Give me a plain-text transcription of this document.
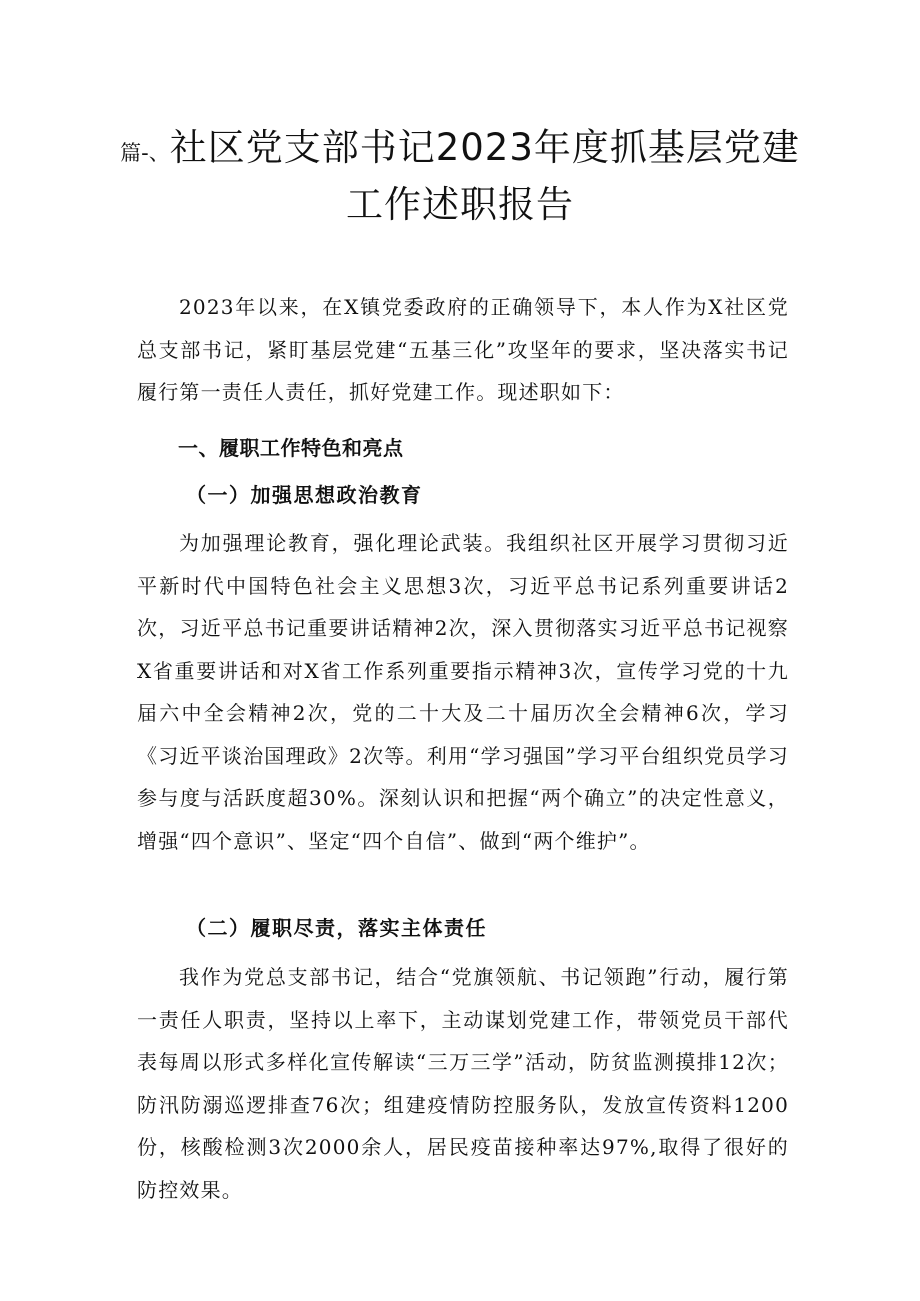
篇-、社区党支部书记2023年度抓基层党建
工作述职报告

2023年以来，在X镇党委政府的正确领导下，本人作为X社区党总支部书记，紧盯基层党建“五基三化”攻坚年的要求，坚决落实书记履行第一责任人责任，抓好党建工作。现述职如下：

一、履职工作特色和亮点
（一）加强思想政治教育

为加强理论教育，强化理论武装。我组织社区开展学习贯彻习近平新时代中国特色社会主义思想3次，习近平总书记系列重要讲话2次，习近平总书记重要讲话精神2次，深入贯彻落实习近平总书记视察X省重要讲话和对X省工作系列重要指示精神3次，宣传学习党的十九届六中全会精神2次，党的二十大及二十届历次全会精神6次，学习《习近平谈治国理政》2次等。利用“学习强国”学习平台组织党员学习参与度与活跃度超30%。深刻认识和把握“两个确立”的决定性意义，增强“四个意识”、坚定“四个自信”、做到“两个维护”。

（二）履职尽责，落实主体责任

我作为党总支部书记，结合“党旗领航、书记领跑”行动，履行第一责任人职责，坚持以上率下，主动谋划党建工作，带领党员干部代表每周以形式多样化宣传解读“三万三学”活动，防贫监测摸排12次；防汛防溺巡逻排查76次；组建疫情防控服务队，发放宣传资料1200份，核酸检测3次2000余人，居民疫苗接种率达97%,取得了很好的防控效果。
